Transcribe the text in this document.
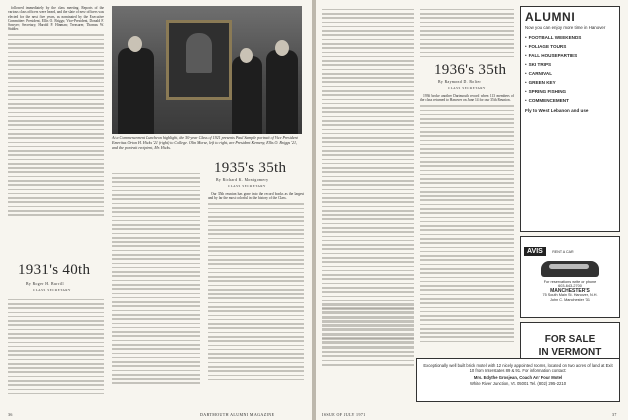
followed immediately by the class meeting. Reports of the various class officers were heard, and the slate of new officers was elected for the next five years, as nominated by the Executive Committee: President, Ellis O. Briggs; Vice-President, Donald F. Sawyer; Secretary, Harold P. Hinman; Treasurer, Thomas W. Stabler.

1931's 40th
By Roger H. Burrill
CLASS SECRETARY
At a Commencement Luncheon highlight, the 50-year Class of 1921 presents Paul Sample portrait of Vice President Emeritus Orton H. Hicks '21 (right) to College. Olin Morse, left to right, are President Kemeny, Ellis O. Briggs '21, and the portrait recipient, Mr. Hicks.
1935's 35th
By Richard K. Montgomery
CLASS SECRETARY

Our 35th reunion has gone into the record books as the largest and by far the most colorful in the history of the Class.

36	DARTMOUTH ALUMNI MAGAZINE
1936's 35th
By Raymond D. Bolter
CLASS SECRETARY

1936 broke another Dartmouth record when 113 members of the class returned to Hanover on June 14 for our 35th Reunion.

ALUMNI
Now you can enjoy more time in Hanover
• FOOTBALL WEEKENDS
• FOLIAGE TOURS
• FALL HOUSEPARTIES
• SKI TRIPS
• CARNIVAL
• GREEN KEY
• SPRING FISHING
• COMMENCEMENT
Fly to West Lebanon and use
AVIS	RENT A CAR
For reservations write or phone
603-643-2700
MANCHESTER'S
75 South Main St. Hanover, N.H.
John C. Manchester '31
FOR SALE
IN VERMONT
Exceptionally well built brick motel with 12 nicely appointed rooms, located on two acres of land at Exit 10 from Interstates 89 & 91. For information contact:
Mrs. Edythe Grosjean, Coach An' Four Motel
White River Junction, Vt. 05001 Tel. (802) 295-2210
ISSUE OF JULY 1971	37
